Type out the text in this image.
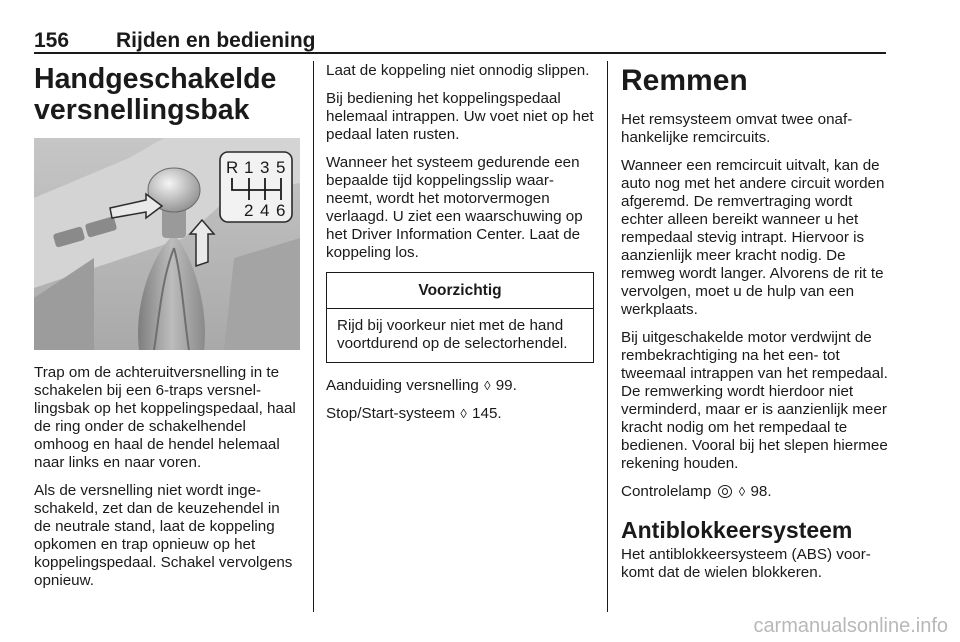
156 Rijden en bediening
Handgeschakelde versnellingsbak
R 1 3 5
2 4 6

Trap om de achteruitversnelling in te schakelen bij een 6-traps versnellingsbak op het koppelingspedaal, haal de ring onder de schakelhendel omhoog en haal de hendel helemaal naar links en naar voren.

Als de versnelling niet wordt ingeschakeld, zet dan de keuzehendel in de neutrale stand, laat de koppeling opkomen en trap opnieuw op het koppelingspedaal. Schakel vervolgens opnieuw.

Laat de koppeling niet onnodig slippen.

Bij bediening het koppelingspedaal helemaal intrappen. Uw voet niet op het pedaal laten rusten.

Wanneer het systeem gedurende een bepaalde tijd koppelingsslip waarneemt, wordt het motorvermogen verlaagd. U ziet een waarschuwing op het Driver Information Center. Laat de koppeling los.

Voorzichtig
Rijd bij voorkeur niet met de hand voortdurend op de selectorhendel.

Aanduiding versnelling ◊ 99.

Stop/Start-systeem ◊ 145.

Remmen

Het remsysteem omvat twee onafhankelijke remcircuits.

Wanneer een remcircuit uitvalt, kan de auto nog met het andere circuit worden afgeremd. De remvertraging wordt echter alleen bereikt wanneer u het rempedaal stevig intrapt. Hiervoor is aanzienlijk meer kracht nodig. De remweg wordt langer. Alvorens de rit te vervolgen, moet u de hulp van een werkplaats.

Bij uitgeschakelde motor verdwijnt de rembekrachtiging na het een- tot tweemaal intrappen van het rempedaal. De remwerking wordt hierdoor niet verminderd, maar er is aanzienlijk meer kracht nodig om het rempedaal te bedienen. Vooral bij het slepen hiermee rekening houden.

Controlelamp ◊ 98.

Antiblokkeersysteem

Het antiblokkeersysteem (ABS) voorkomt dat de wielen blokkeren.

carmanualsonline.info
